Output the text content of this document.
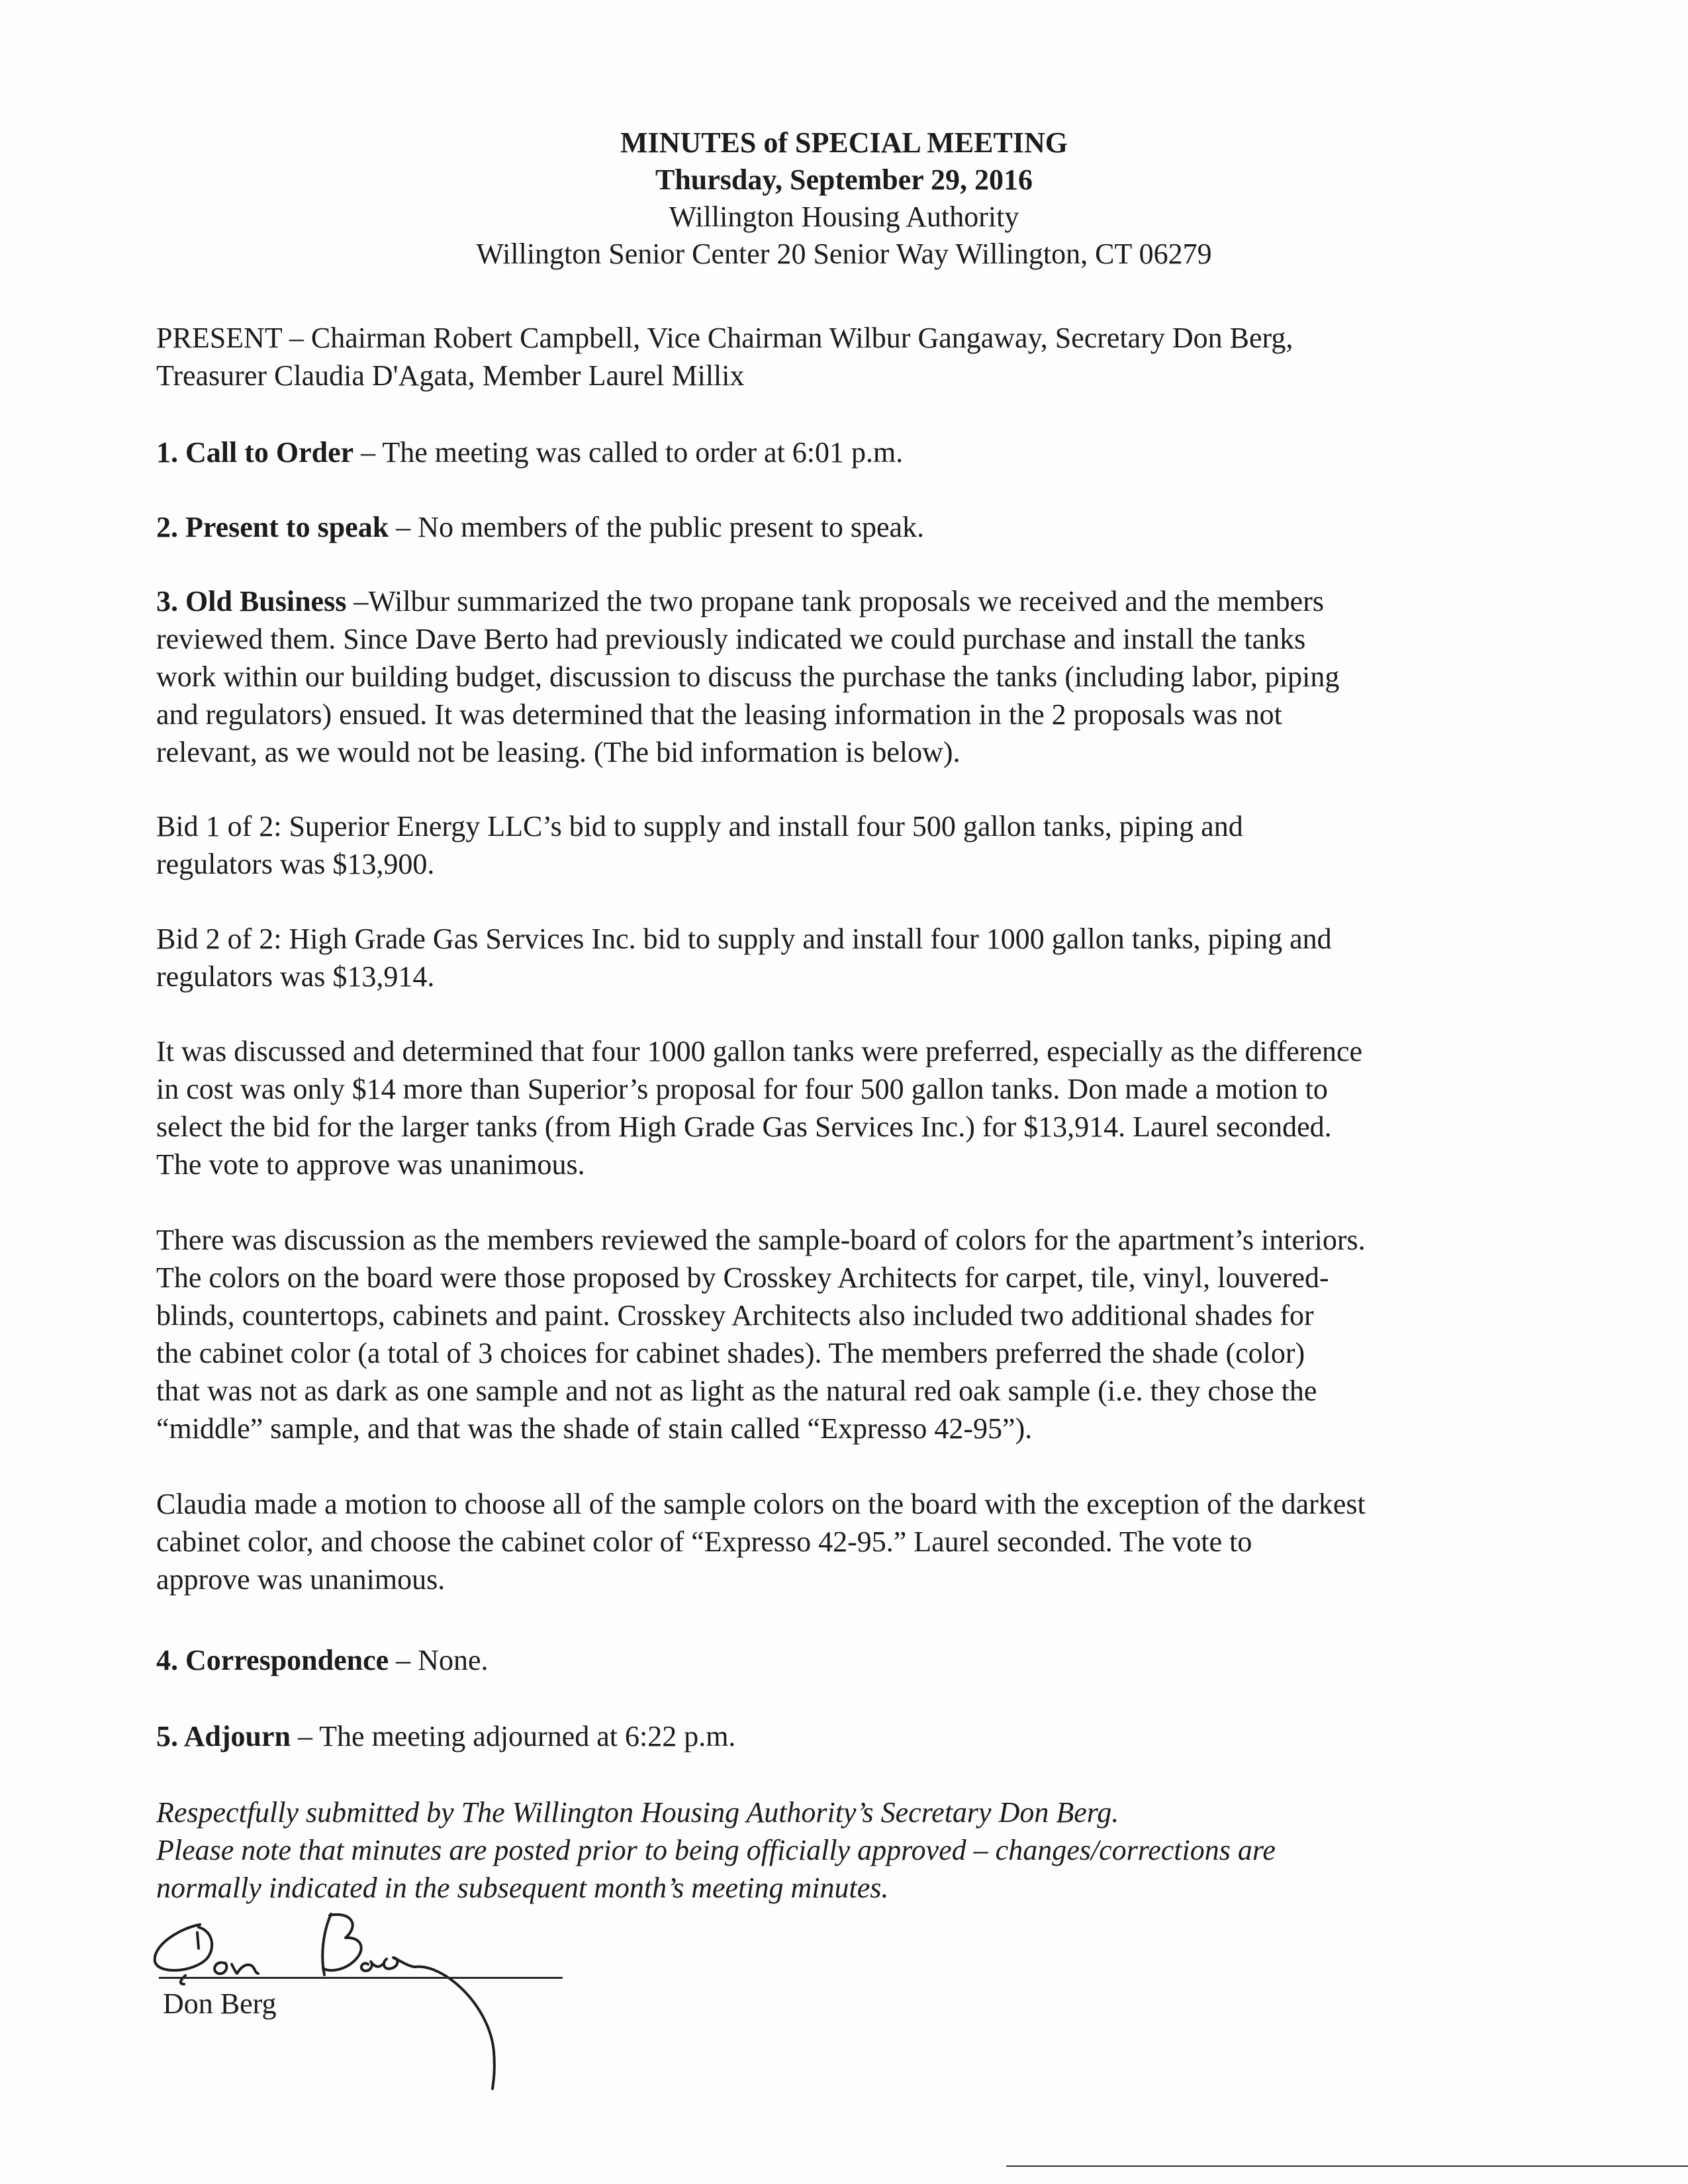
MINUTES of SPECIAL MEETING
Thursday, September 29, 2016
Willington Housing Authority
Willington Senior Center 20 Senior Way Willington, CT 06279
PRESENT – Chairman Robert Campbell, Vice Chairman Wilbur Gangaway, Secretary Don Berg,
Treasurer Claudia D'Agata, Member Laurel Millix
1. Call to Order – The meeting was called to order at 6:01 p.m.
2. Present to speak – No members of the public present to speak.
3. Old Business –Wilbur summarized the two propane tank proposals we received and the members
reviewed them. Since Dave Berto had previously indicated we could purchase and install the tanks
work within our building budget, discussion to discuss the purchase the tanks (including labor, piping
and regulators) ensued. It was determined that the leasing information in the 2 proposals was not
relevant, as we would not be leasing. (The bid information is below).
Bid 1 of 2: Superior Energy LLC’s bid to supply and install four 500 gallon tanks, piping and
regulators was $13,900.
Bid 2 of 2: High Grade Gas Services Inc. bid to supply and install four 1000 gallon tanks, piping and
regulators was $13,914.
It was discussed and determined that four 1000 gallon tanks were preferred, especially as the difference
in cost was only $14 more than Superior’s proposal for four 500 gallon tanks. Don made a motion to
select the bid for the larger tanks (from High Grade Gas Services Inc.) for $13,914. Laurel seconded.
The vote to approve was unanimous.
There was discussion as the members reviewed the sample-board of colors for the apartment’s interiors.
The colors on the board were those proposed by Crosskey Architects for carpet, tile, vinyl, louvered-
blinds, countertops, cabinets and paint. Crosskey Architects also included two additional shades for
the cabinet color (a total of 3 choices for cabinet shades). The members preferred the shade (color)
that was not as dark as one sample and not as light as the natural red oak sample (i.e. they chose the
“middle” sample, and that was the shade of stain called “Expresso 42-95”).
Claudia made a motion to choose all of the sample colors on the board with the exception of the darkest
cabinet color, and choose the cabinet color of “Expresso 42-95.” Laurel seconded. The vote to
approve was unanimous.
4. Correspondence – None.
5. Adjourn – The meeting adjourned at 6:22 p.m.
Respectfully submitted by The Willington Housing Authority’s Secretary Don Berg.
Please note that minutes are posted prior to being officially approved – changes/corrections are
normally indicated in the subsequent month’s meeting minutes.
Don Berg
